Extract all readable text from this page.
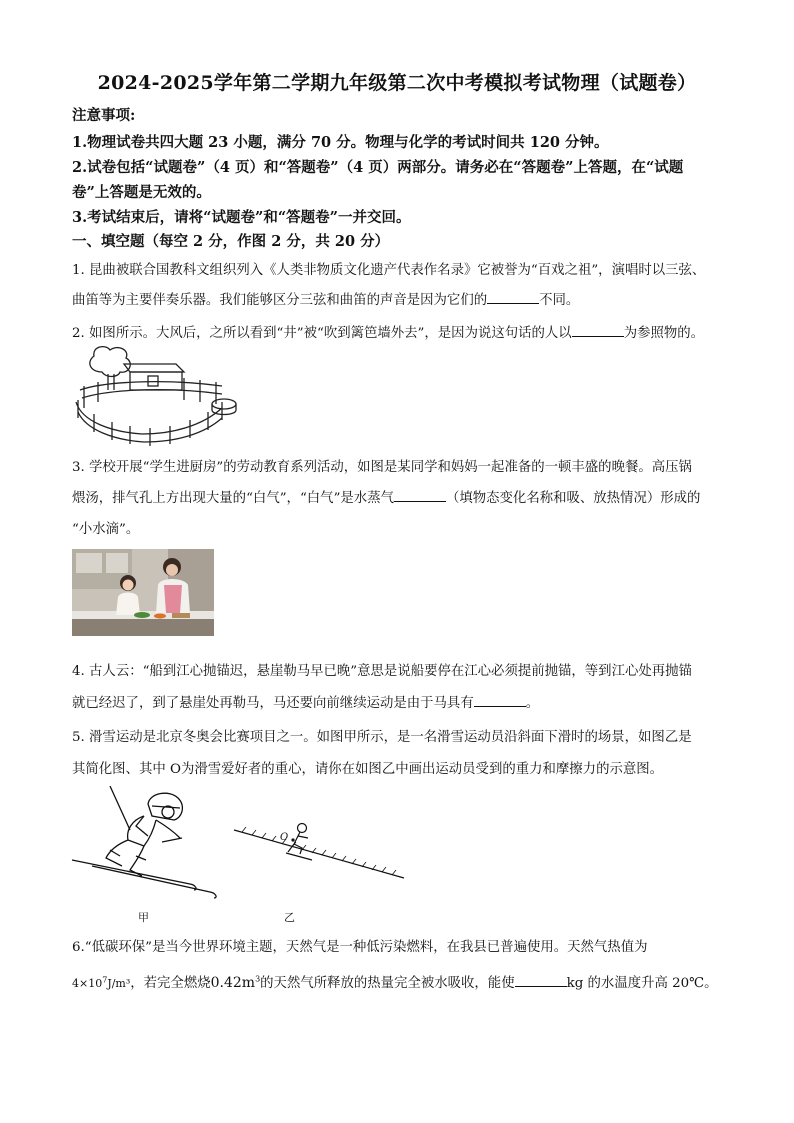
2024-2025学年第二学期九年级第二次中考模拟考试物理（试题卷）
注意事项:
1.物理试卷共四大题 23 小题，满分 70 分。物理与化学的考试时间共 120 分钟。
2.试卷包括“试题卷”（4 页）和“答题卷”（4 页）两部分。请务必在“答题卷”上答题，在“试题
卷”上答题是无效的。
3.考试结束后，请将“试题卷”和“答题卷”一并交回。
一、填空题（每空 2 分，作图 2 分，共 20 分）
1. 昆曲被联合国教科文组织列入《人类非物质文化遗产代表作名录》它被誉为“百戏之祖”，演唱时以三弦、
曲笛等为主要伴奏乐器。我们能够区分三弦和曲笛的声音是因为它们的	不同。
2. 如图所示。大风后，之所以看到“井”被“吹到篱笆墙外去”，是因为说这句话的人以	为参照物的。
3. 学校开展“学生进厨房”的劳动教育系列活动，如图是某同学和妈妈一起准备的一顿丰盛的晚餐。高压锅
煨汤，排气孔上方出现大量的“白气”，“白气”是水蒸气	（填物态变化名称和吸、放热情况）形成的
“小水滴”。
4. 古人云：“船到江心抛锚迟，悬崖勒马早已晚”意思是说船要停在江心必须提前抛锚，等到江心处再抛锚
就已经迟了，到了悬崖处再勒马，马还要向前继续运动是由于马具有	。
5. 滑雪运动是北京冬奥会比赛项目之一。如图甲所示，是一名滑雪运动员沿斜面下滑时的场景，如图乙是
其简化图、其中 O为滑雪爱好者的重心，请你在如图乙中画出运动员受到的重力和摩擦力的示意图。
甲
O
乙
6.“低碳环保”是当今世界环境主题，天然气是一种低污染燃料，在我县已普遍使用。天然气热值为
$4\times 10^7J/m^3$，若完全燃烧$0.42m^3$的天然气所释放的热量完全被水吸收，能使	kg 的水温度升高 20℃。
